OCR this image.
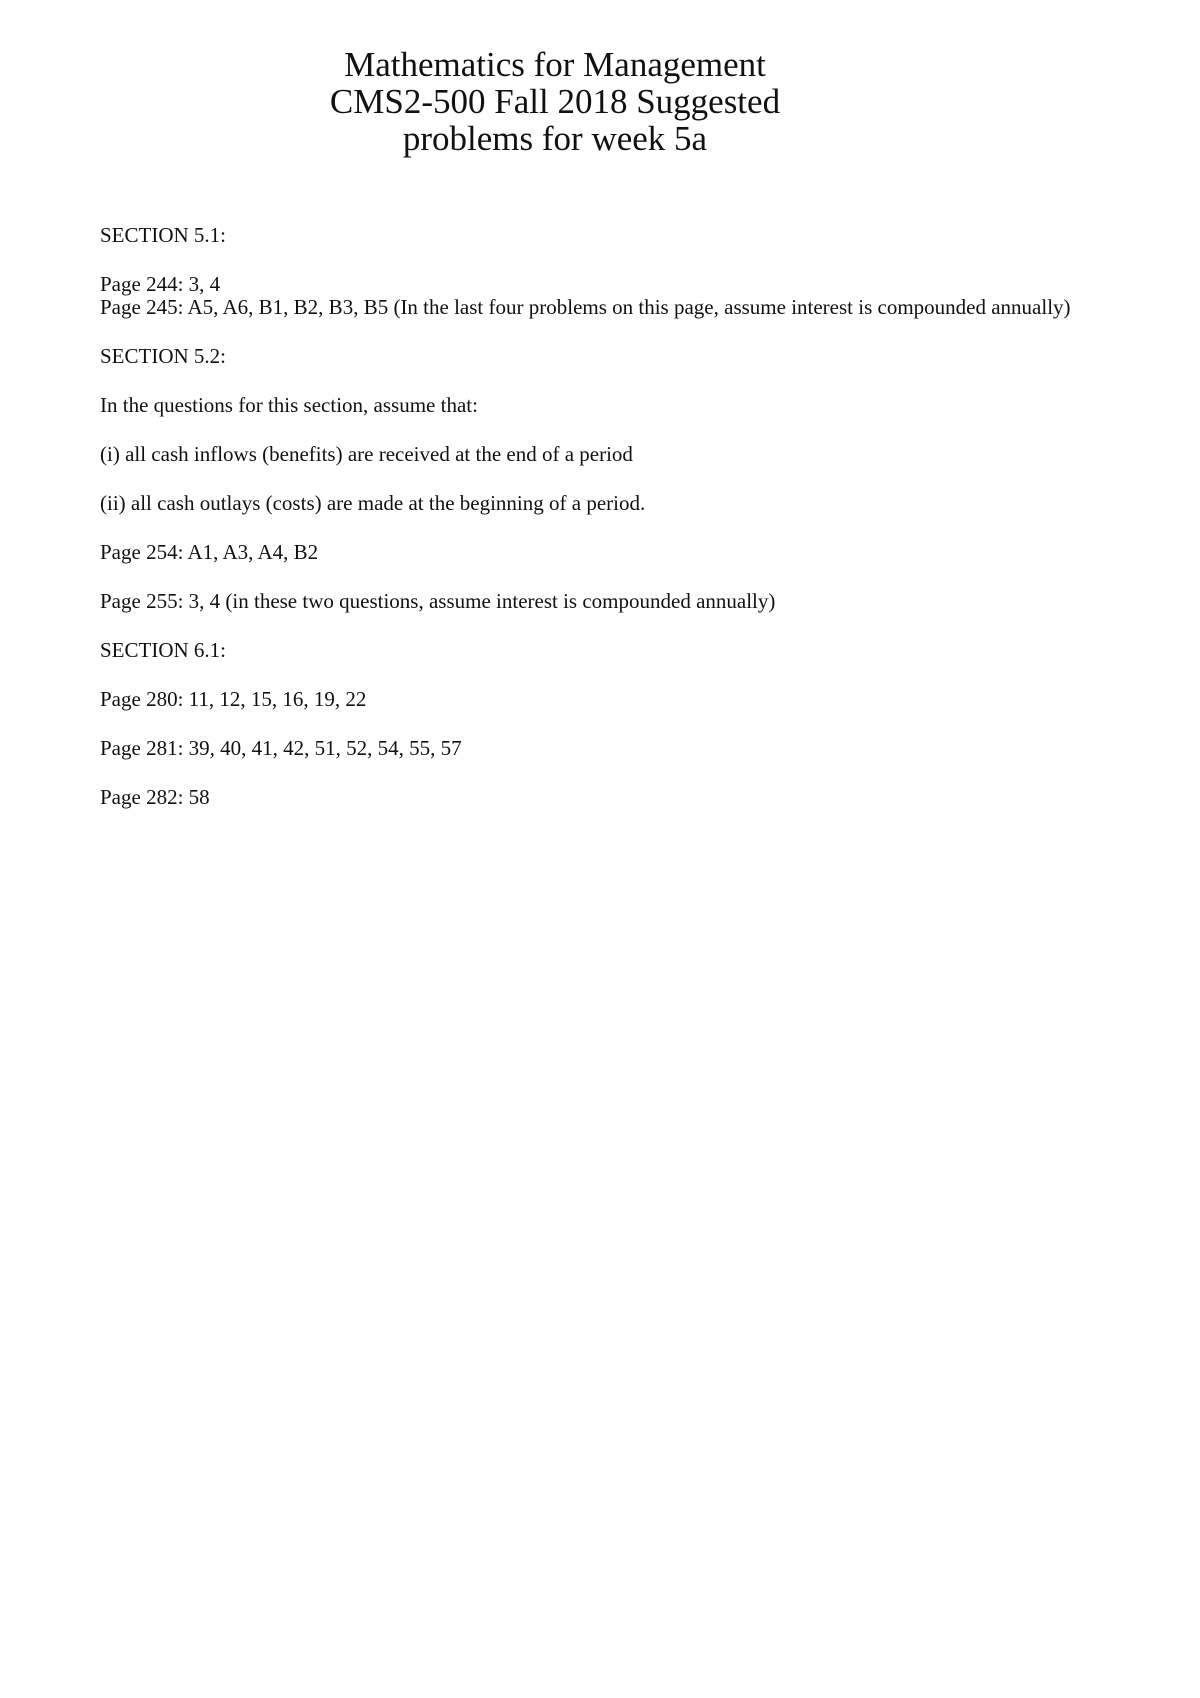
Mathematics for Management
CMS2-500 Fall 2018 Suggested
problems for week 5a
SECTION 5.1:
Page 244: 3, 4
Page 245: A5, A6, B1, B2, B3, B5 (In the last four problems on this page, assume interest is compounded annually)
SECTION 5.2:
In the questions for this section, assume that:
(i) all cash inflows (benefits) are received at the end of a period
(ii) all cash outlays (costs) are made at the beginning of a period.
Page 254: A1, A3, A4, B2
Page 255: 3, 4 (in these two questions, assume interest is compounded annually)
SECTION 6.1:
Page 280: 11, 12, 15, 16, 19, 22
Page 281: 39, 40, 41, 42, 51, 52, 54, 55, 57
Page 282: 58
